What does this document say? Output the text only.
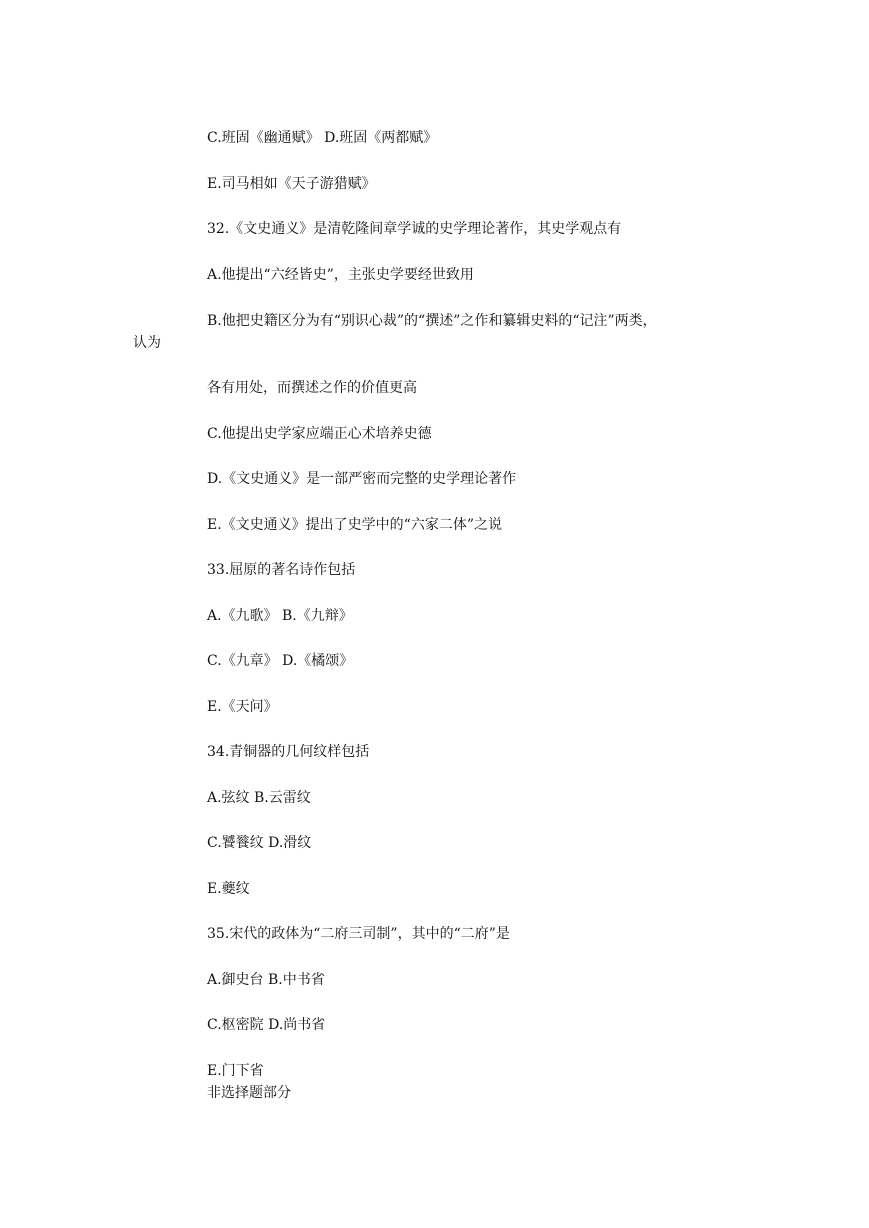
C.班固《幽通赋》 D.班固《两都赋》
E.司马相如《天子游猎赋》
32.《文史通义》是清乾隆间章学诚的史学理论著作，其史学观点有
A.他提出“六经皆史”，主张史学要经世致用
B.他把史籍区分为有“别识心裁”的“撰述”之作和纂辑史料的“记注”两类，
认为
各有用处，而撰述之作的价值更高
C.他提出史学家应端正心术培养史德
D.《文史通义》是一部严密而完整的史学理论著作
E.《文史通义》提出了史学中的“六家二体”之说
33.屈原的著名诗作包括
A.《九歌》 B.《九辩》
C.《九章》 D.《橘颂》
E.《天问》
34.青铜器的几何纹样包括
A.弦纹 B.云雷纹
C.饕餮纹 D.滑纹
E.夔纹
35.宋代的政体为“二府三司制”，其中的“二府”是
A.御史台 B.中书省
C.枢密院 D.尚书省
E.门下省
非选择题部分
